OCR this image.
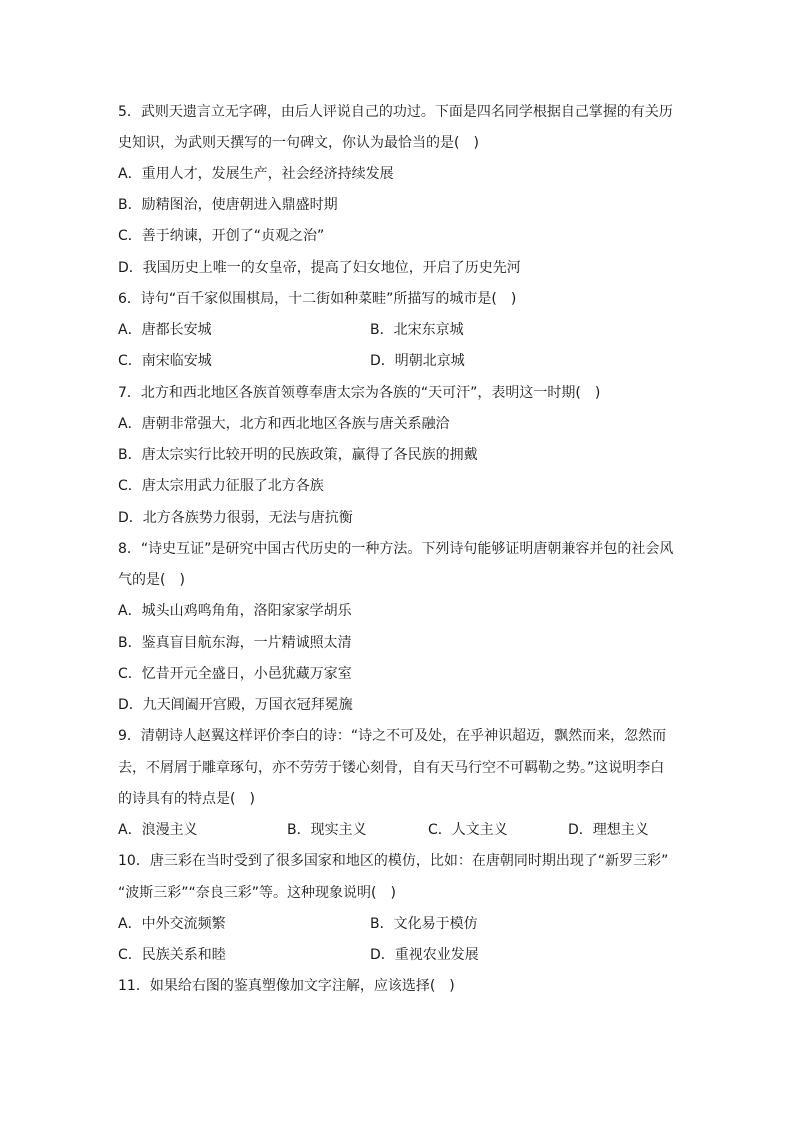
5．武则天遗言立无字碑，由后人评说自己的功过。下面是四名同学根据自己掌握的有关历
史知识，为武则天撰写的一句碑文，你认为最恰当的是(　)
A．重用人才，发展生产，社会经济持续发展
B．励精图治，使唐朝进入鼎盛时期
C．善于纳谏，开创了“贞观之治”
D．我国历史上唯一的女皇帝，提高了妇女地位，开启了历史先河
6．诗句“百千家似围棋局，十二街如种菜畦”所描写的城市是(　)
A．唐都长安城	B．北宋东京城
C．南宋临安城	D．明朝北京城
7．北方和西北地区各族首领尊奉唐太宗为各族的“天可汗”，表明这一时期(　)
A．唐朝非常强大，北方和西北地区各族与唐关系融洽
B．唐太宗实行比较开明的民族政策，赢得了各民族的拥戴
C．唐太宗用武力征服了北方各族
D．北方各族势力很弱，无法与唐抗衡
8．“诗史互证”是研究中国古代历史的一种方法。下列诗句能够证明唐朝兼容并包的社会风
气的是(　)
A．城头山鸡鸣角角，洛阳家家学胡乐
B．鉴真盲目航东海，一片精诚照太清
C．忆昔开元全盛日，小邑犹藏万家室
D．九天阊阖开宫殿，万国衣冠拜冕旒
9．清朝诗人赵翼这样评价李白的诗：“诗之不可及处，在乎神识超迈，飘然而来，忽然而
去，不屑屑于雕章琢句，亦不劳劳于镂心刻骨，自有天马行空不可羁勒之势。”这说明李白
的诗具有的特点是(　)
A．浪漫主义	B．现实主义	C．人文主义	D．理想主义
10．唐三彩在当时受到了很多国家和地区的模仿，比如：在唐朝同时期出现了“新罗三彩”
“波斯三彩”“奈良三彩”等。这种现象说明(　)
A．中外交流频繁	B．文化易于模仿
C．民族关系和睦	D．重视农业发展
11．如果给右图的鉴真塑像加文字注解，应该选择(　)
